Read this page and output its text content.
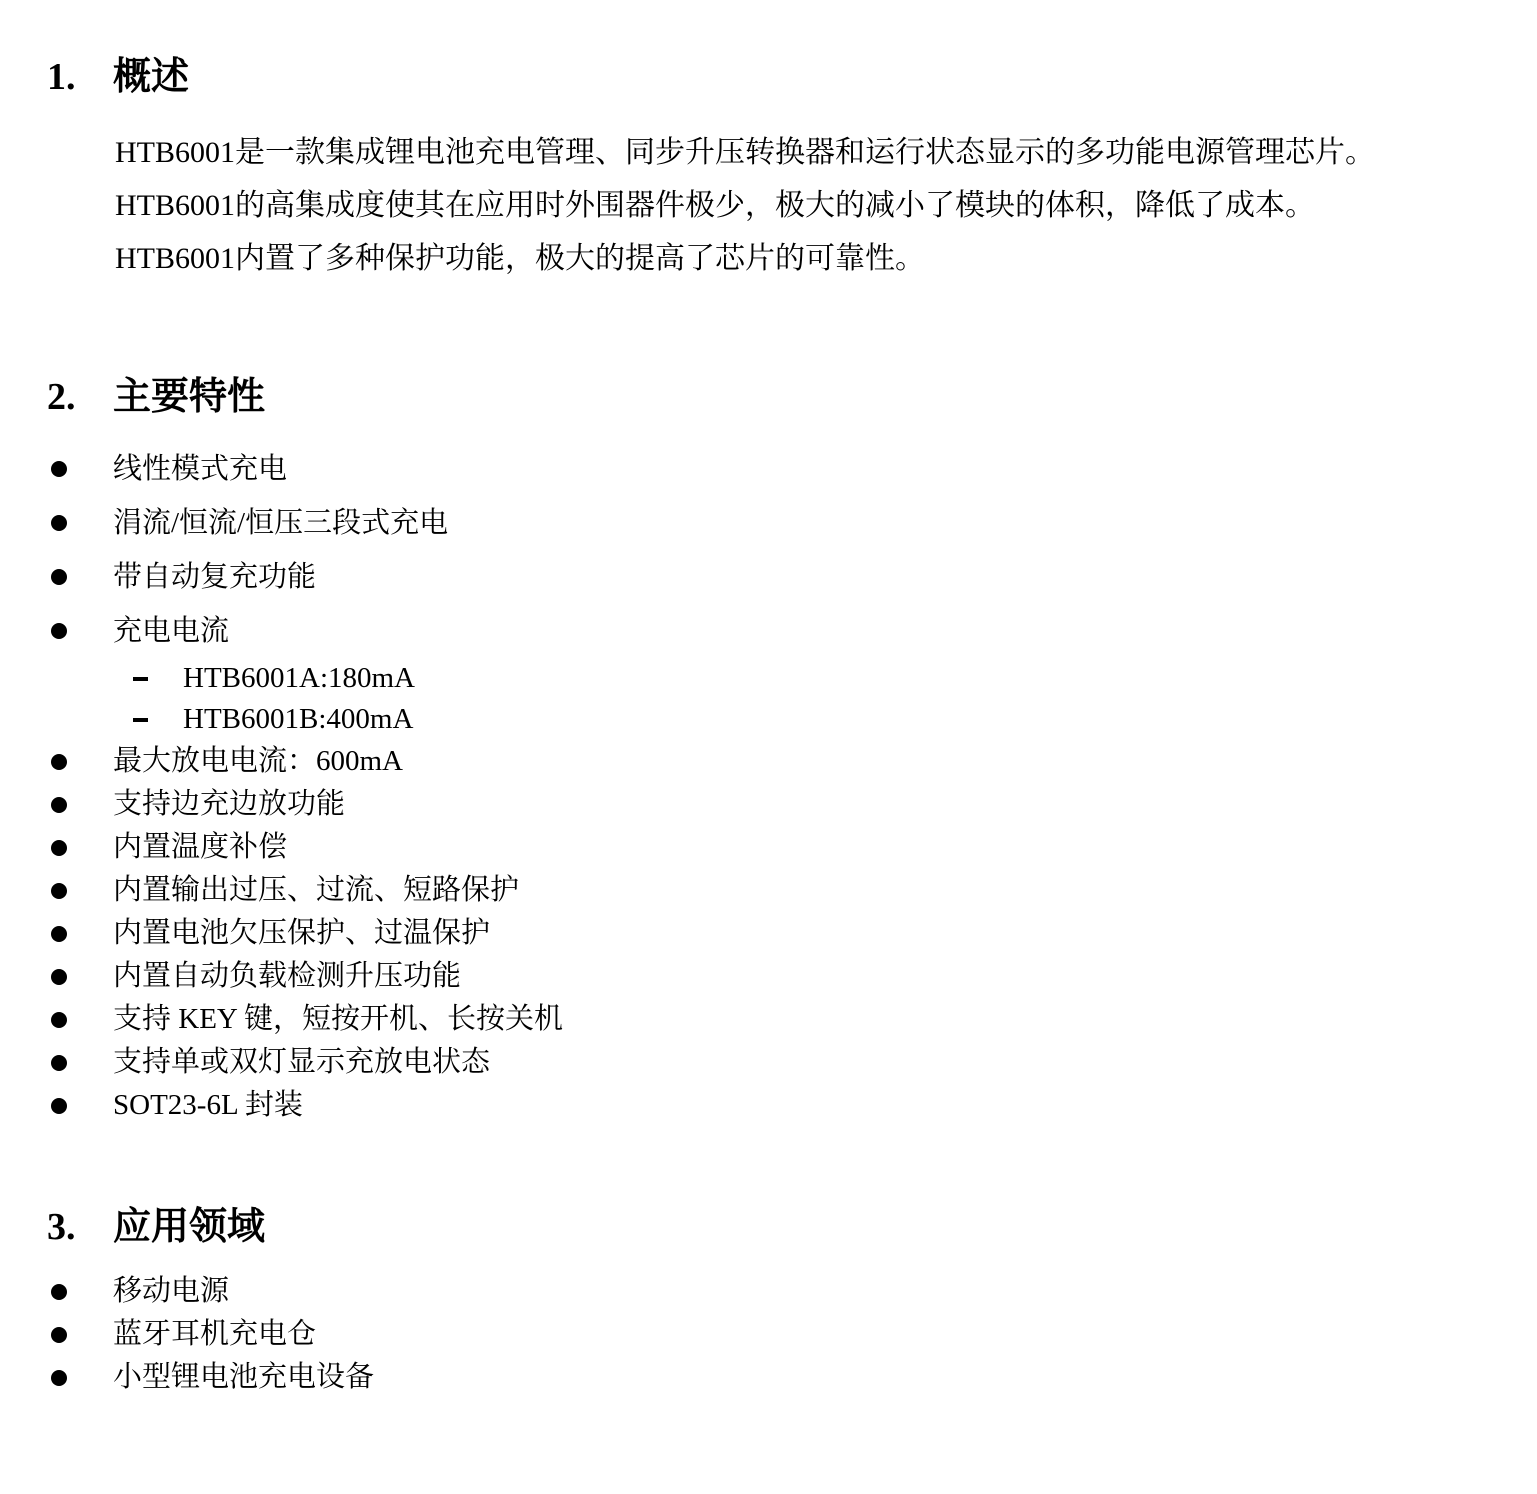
1. 概述
HTB6001是一款集成锂电池充电管理、同步升压转换器和运行状态显示的多功能电源管理芯片。
HTB6001的高集成度使其在应用时外围器件极少，极大的减小了模块的体积，降低了成本。
HTB6001内置了多种保护功能，极大的提高了芯片的可靠性。
2. 主要特性
线性模式充电
涓流/恒流/恒压三段式充电
带自动复充功能
充电电流
HTB6001A:180mA
HTB6001B:400mA
最大放电电流：600mA
支持边充边放功能
内置温度补偿
内置输出过压、过流、短路保护
内置电池欠压保护、过温保护
内置自动负载检测升压功能
支持 KEY 键，短按开机、长按关机
支持单或双灯显示充放电状态
SOT23-6L 封装
3. 应用领域
移动电源
蓝牙耳机充电仓
小型锂电池充电设备
